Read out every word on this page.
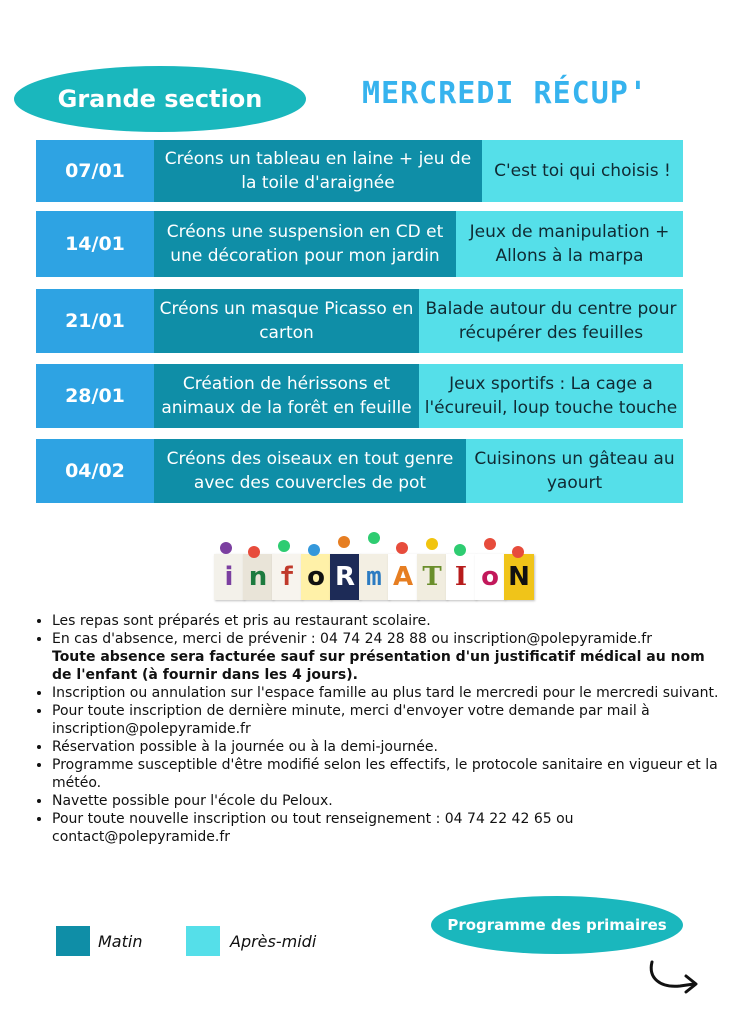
Grande section	MERCREDI RÉCUP'
07/01
Créons un tableau en laine + jeu de la toile d'araignée
C'est toi qui choisis !
14/01
Créons une suspension en CD et une décoration pour mon jardin
Jeux de manipulation + Allons à la marpa
21/01
Créons un masque Picasso en carton
Balade autour du centre pour récupérer des feuilles
28/01
Création de hérissons et animaux de la forêt en feuille
Jeux sportifs : La cage a l'écureuil, loup touche touche
04/02
Créons des oiseaux en tout genre avec des couvercles de pot
Cuisinons un gâteau au yaourt
i n f o R m A T I o N
• Les repas sont préparés et pris au restaurant scolaire.
• En cas d'absence, merci de prévenir : 04 74 24 28 88 ou inscription@polepyramide.fr
Toute absence sera facturée sauf sur présentation d'un justificatif médical au nom de l'enfant (à fournir dans les 4 jours).
• Inscription ou annulation sur l'espace famille au plus tard le mercredi pour le mercredi suivant.
• Pour toute inscription de dernière minute, merci d'envoyer votre demande par mail à inscription@polepyramide.fr
• Réservation possible à la journée ou à la demi-journée.
• Programme susceptible d'être modifié selon les effectifs, le protocole sanitaire en vigueur et la météo.
• Navette possible pour l'école du Peloux.
• Pour toute nouvelle inscription ou tout renseignement : 04 74 22 42 65 ou contact@polepyramide.fr
Matin	Après-midi
Programme des primaires
